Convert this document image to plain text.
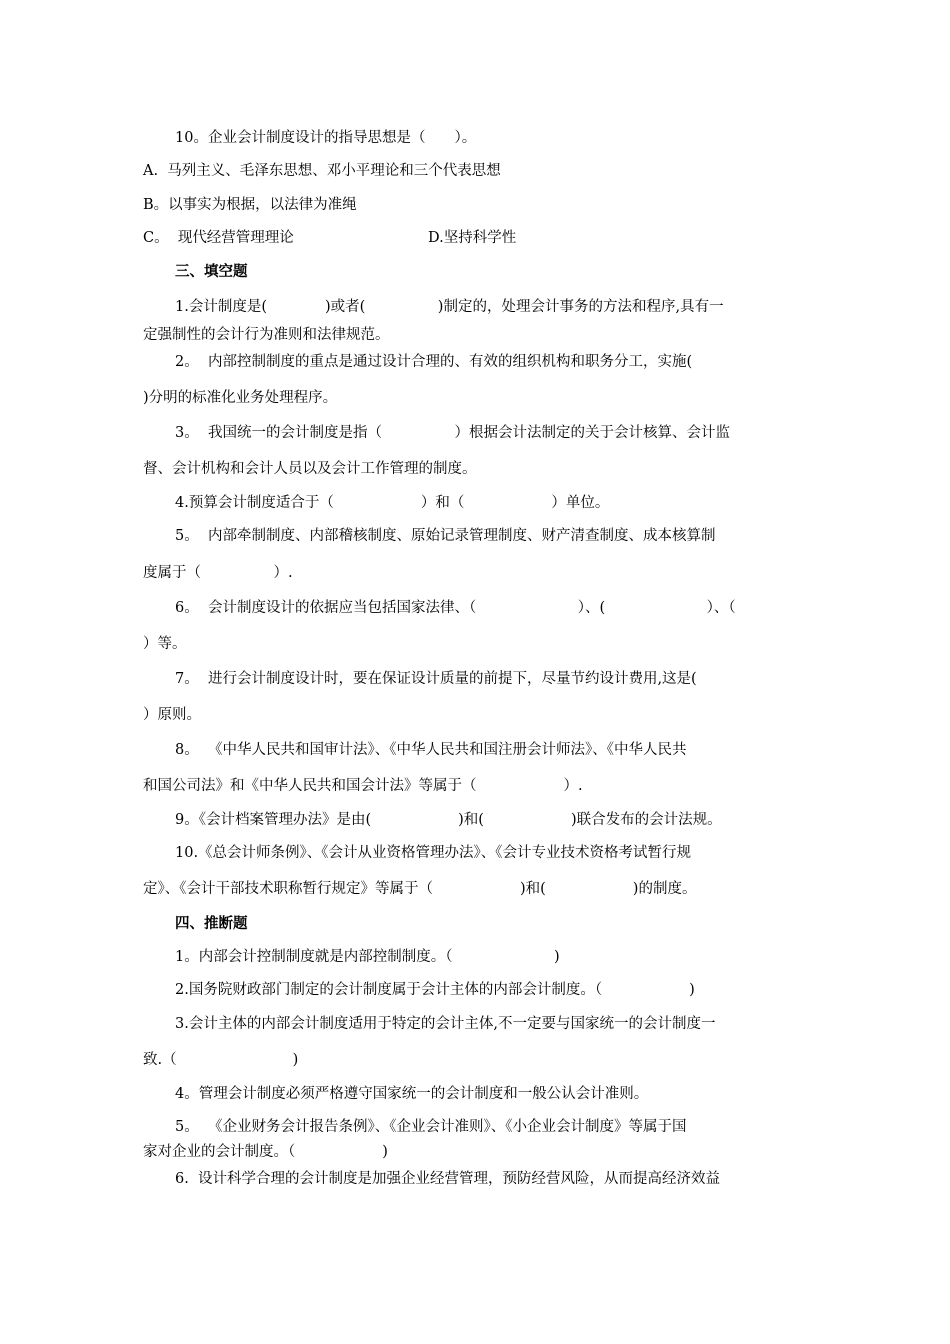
10。企业会计制度设计的指导思想是（　　）。
A.  马列主义、毛泽东思想、邓小平理论和三个代表思想
B。以事实为根据，以法律为准绳
C。  现代经营管理理论	D.坚持科学性
三、填空题
1.会计制度是(　　　　)或者(　　　　　)制定的，处理会计事务的方法和程序,具有一
定强制性的会计行为准则和法律规范。
2。  内部控制制度的重点是通过设计合理的、有效的组织机构和职务分工，实施(
)分明的标准化业务处理程序。
3。  我国统一的会计制度是指（　　　　　）根据会计法制定的关于会计核算、会计监
督、会计机构和会计人员以及会计工作管理的制度。
4.预算会计制度适合于（　　　　　　）和（　　　　　　）单位。
5。  内部牵制制度、内部稽核制度、原始记录管理制度、财产清查制度、成本核算制
度属于（　　　　　）.
6。  会计制度设计的依据应当包括国家法律、（　　　　　　　）、(　　　　　　　）、（
）等。
7。  进行会计制度设计时，要在保证设计质量的前提下，尽量节约设计费用,这是(
）原则。
8。  《中华人民共和国审计法》、《中华人民共和国注册会计师法》、《中华人民共
和国公司法》和《中华人民共和国会计法》等属于（　　　　　　）.
9。《会计档案管理办法》是由(　　　　　　)和(　　　　　　)联合发布的会计法规。
10.《总会计师条例》、《会计从业资格管理办法》、《会计专业技术资格考试暂行规
定》、《会计干部技术职称暂行规定》等属于（　　　　　　)和(　　　　　　)的制度。
四、推断题
1。内部会计控制制度就是内部控制制度。（　　　　　　　)
2.国务院财政部门制定的会计制度属于会计主体的内部会计制度。（　　　　　　)
3.会计主体的内部会计制度适用于特定的会计主体,不一定要与国家统一的会计制度一
致.（　　　　　　　　)
4。管理会计制度必须严格遵守国家统一的会计制度和一般公认会计准则。
5。  《企业财务会计报告条例》、《企业会计准则》、《小企业会计制度》等属于国
家对企业的会计制度。（　　　　　　)
6.  设计科学合理的会计制度是加强企业经营管理，预防经营风险，从而提高经济效益
